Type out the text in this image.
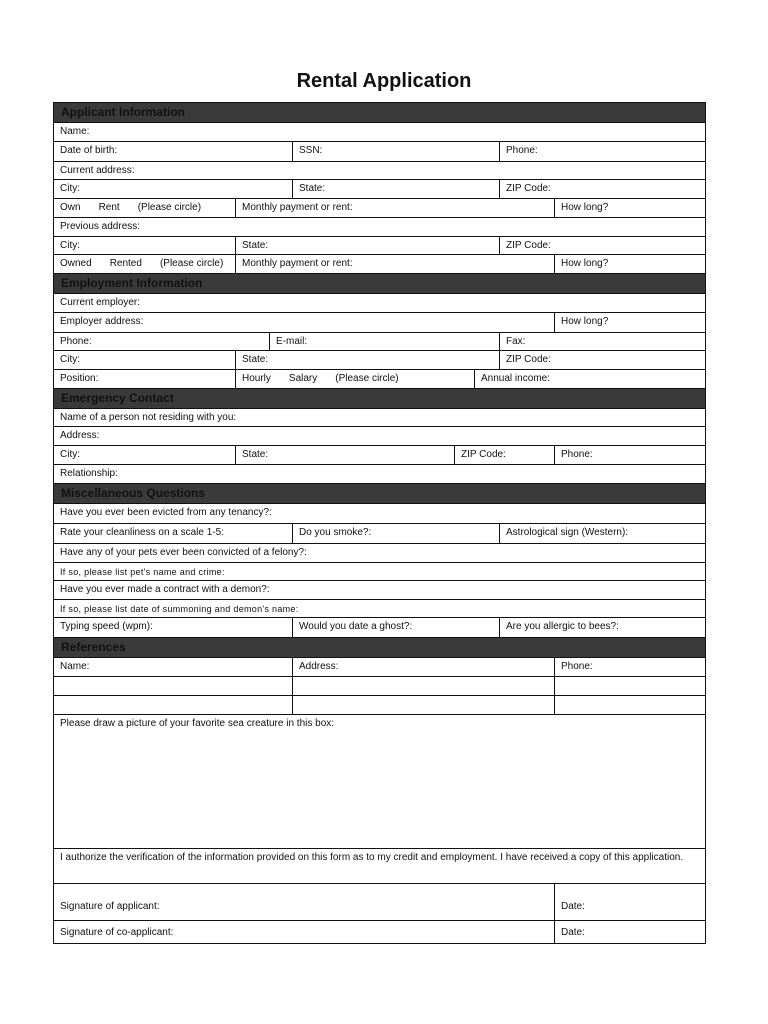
Rental Application
Applicant Information
Name:
Date of birth:	SSN:	Phone:
Current address:
City:	State:	ZIP Code:
Own Rent (Please circle)	Monthly payment or rent:	How long?
Previous address:
City:	State:	ZIP Code:
Owned Rented (Please circle)	Monthly payment or rent:	How long?
Employment Information
Current employer:
Employer address:	How long?
Phone:	E-mail:	Fax:
City:	State:	ZIP Code:
Position:	Hourly Salary (Please circle)	Annual income:
Emergency Contact
Name of a person not residing with you:
Address:
City:	State:	ZIP Code:	Phone:
Relationship:
Miscellaneous Questions
Have you ever been evicted from any tenancy?:
Rate your cleanliness on a scale 1-5:	Do you smoke?:	Astrological sign (Western):
Have any of your pets ever been convicted of a felony?:
If so, please list pet's name and crime:
Have you ever made a contract with a demon?:
If so, please list date of summoning and demon's name:
Typing speed (wpm):	Would you date a ghost?:	Are you allergic to bees?:
References
Name:	Address:	Phone:
Please draw a picture of your favorite sea creature in this box:
I authorize the verification of the information provided on this form as to my credit and employment. I have received a copy of this application.
Signature of applicant:	Date:
Signature of co-applicant:	Date:
